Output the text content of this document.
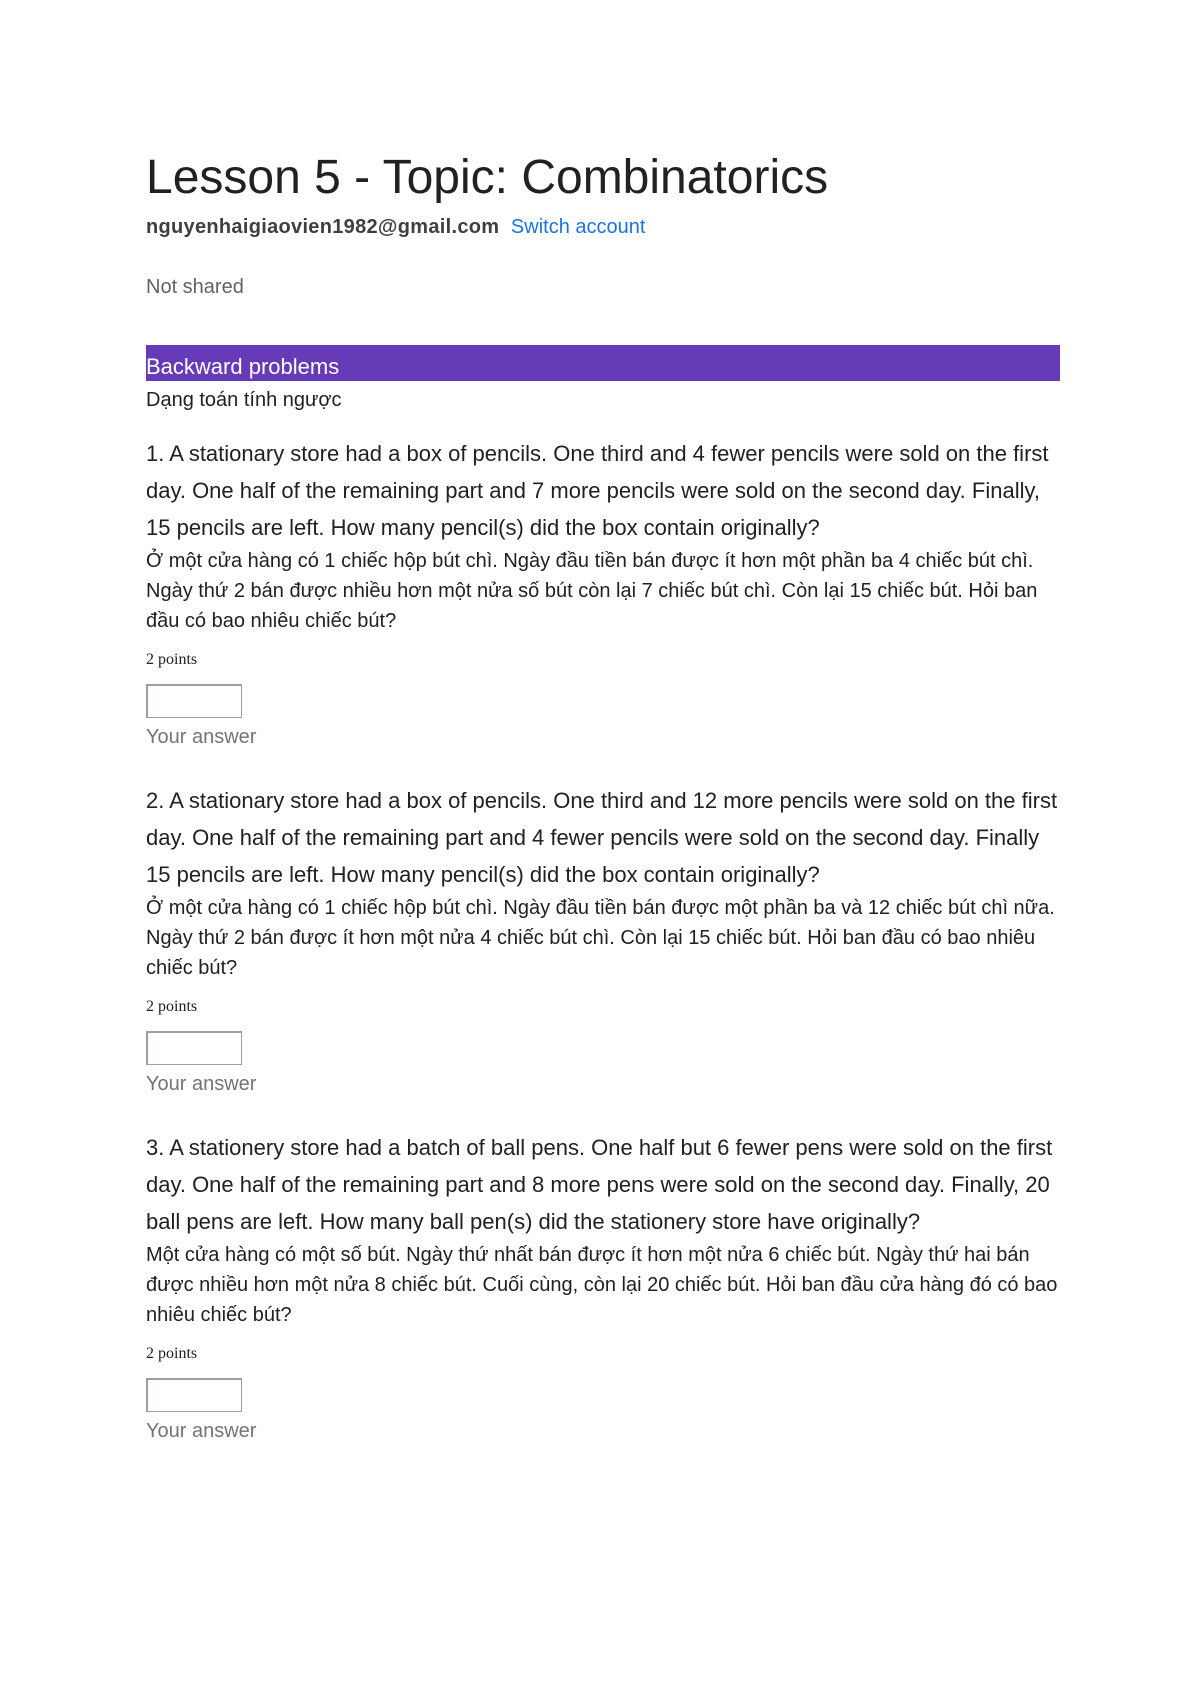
Lesson 5 - Topic: Combinatorics
nguyenhaigiaovien1982@gmail.com Switch account
Not shared
Backward problems
Dạng toán tính ngược

1. A stationary store had a box of pencils. One third and 4 fewer pencils were sold on the first day. One half of the remaining part and 7 more pencils were sold on the second day. Finally, 15 pencils are left. How many pencil(s) did the box contain originally?

Ở một cửa hàng có 1 chiếc hộp bút chì. Ngày đầu tiền bán được ít hơn một phần ba 4 chiếc bút chì. Ngày thứ 2 bán được nhiều hơn một nửa số bút còn lại 7 chiếc bút chì. Còn lại 15 chiếc bút. Hỏi ban đầu có bao nhiêu chiếc bút?

2 points
Your answer

2. A stationary store had a box of pencils. One third and 12 more pencils were sold on the first day. One half of the remaining part and 4 fewer pencils were sold on the second day. Finally 15 pencils are left. How many pencil(s) did the box contain originally?

Ở một cửa hàng có 1 chiếc hộp bút chì. Ngày đầu tiền bán được một phần ba và 12 chiếc bút chì nữa. Ngày thứ 2 bán được ít hơn một nửa 4 chiếc bút chì. Còn lại 15 chiếc bút. Hỏi ban đầu có bao nhiêu chiếc bút?

2 points
Your answer

3. A stationery store had a batch of ball pens. One half but 6 fewer pens were sold on the first day. One half of the remaining part and 8 more pens were sold on the second day. Finally, 20 ball pens are left. How many ball pen(s) did the stationery store have originally?

Một cửa hàng có một số bút. Ngày thứ nhất bán được ít hơn một nửa 6 chiếc bút. Ngày thứ hai bán được nhiều hơn một nửa 8 chiếc bút. Cuối cùng, còn lại 20 chiếc bút. Hỏi ban đầu cửa hàng đó có bao nhiêu chiếc bút?

2 points
Your answer
